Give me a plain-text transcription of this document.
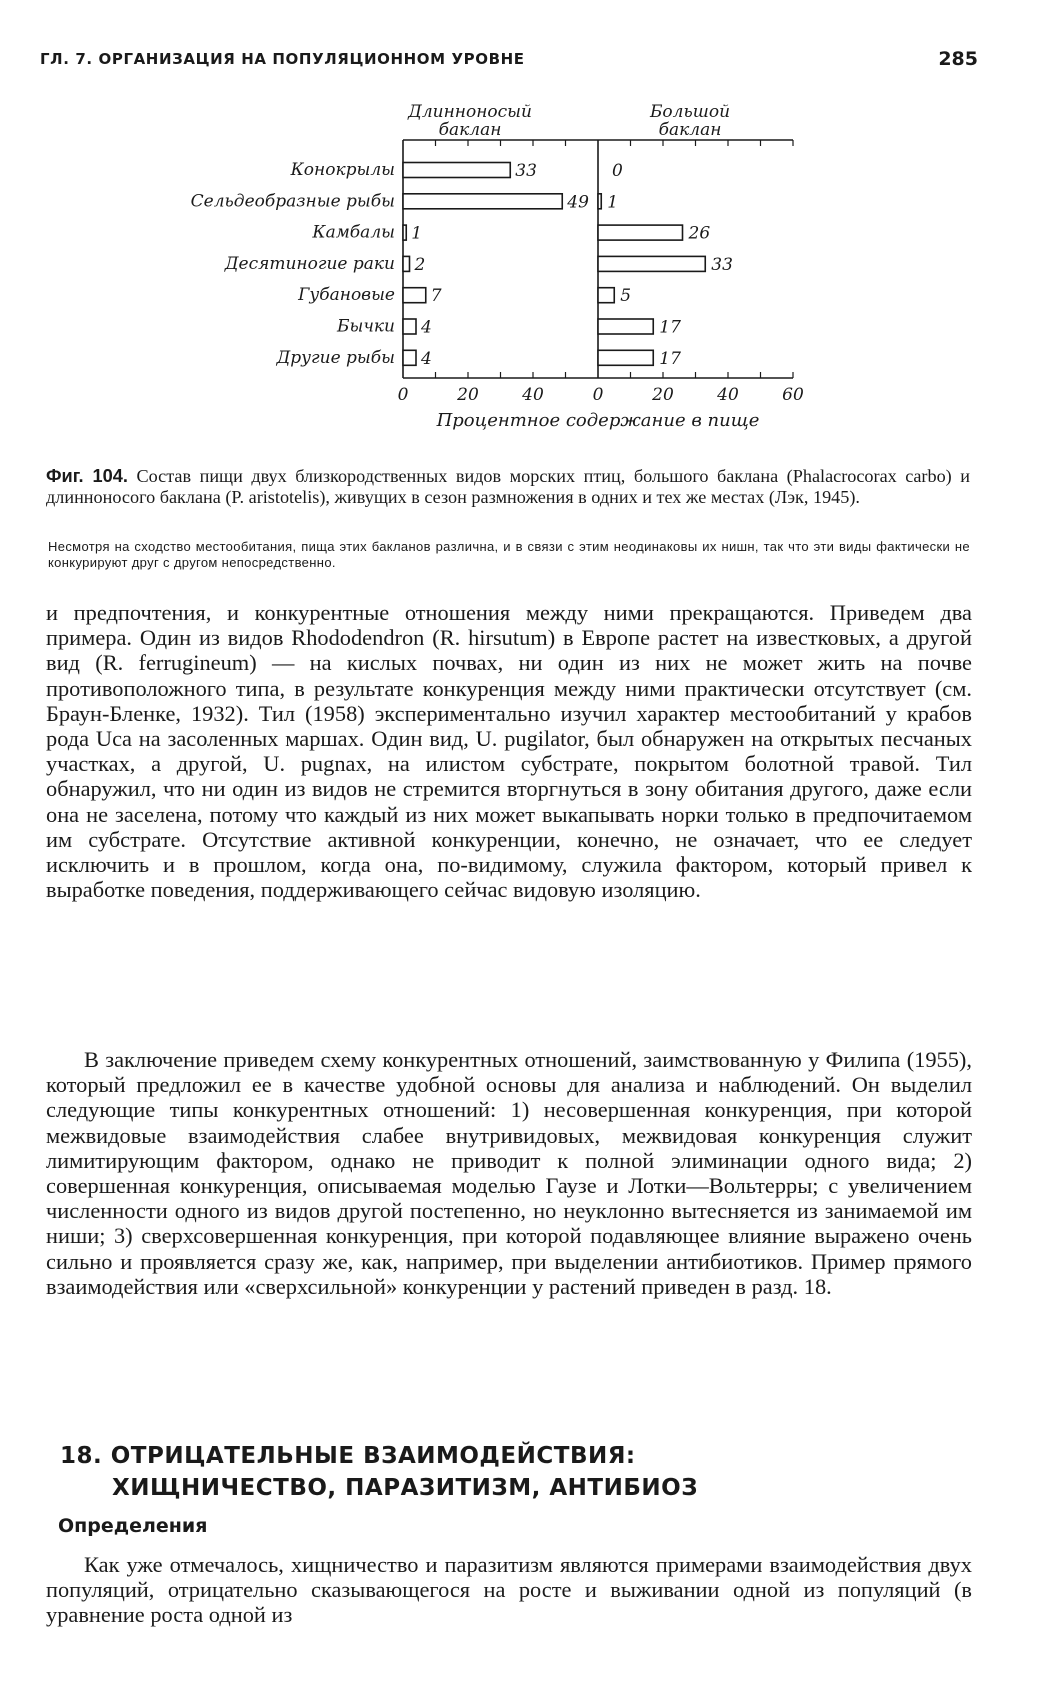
ГЛ. 7. ОРГАНИЗАЦИЯ НА ПОПУЛЯЦИОННОМ УРОВНЕ	285
Длинноносый
баклан
Большой
баклан
Конокрылы	33	0
Сельдеобразные рыбы	49 1
Камбалы 1	26
Десятиногие раки 2	33
Губановые 7	5
Бычки 4	17
Другие рыбы 4	17
0	20	40	0	20	40	60
Процентное содержание в пище
Фиг. 104. Состав пищи двух близкородственных видов морских птиц, большого баклана (Phalacrocorax carbo) и длинноносого баклана (P. aristotelis), живущих в сезон размножения в одних и тех же местах (Лэк, 1945).
Несмотря на сходство местообитания, пища этих бакланов различна, и в связи с этим неодинаковы их нишн, так что эти виды фактически не конкурируют друг с другом непосредственно.
и предпочтения, и конкурентные отношения между ними прекращаются. Приведем два примера. Один из видов Rhododendron (R. hirsutum) в Европе растет на известковых, а другой вид (R. ferrugineum) — на кислых почвах, ни один из них не может жить на почве противоположного типа, в результате конкуренция между ними практически отсутствует (см. Браун-Бленке, 1932). Тил (1958) экспериментально изучил характер местообитаний у крабов рода Uca на засоленных маршах. Один вид, U. pugilator, был обнаружен на открытых песчаных участках, а другой, U. pugnax, на илистом субстрате, покрытом болотной травой. Тил обнаружил, что ни один из видов не стремится вторгнуться в зону обитания другого, даже если она не заселена, потому что каждый из них может выкапывать норки только в предпочитаемом им субстрате. Отсутствие активной конкуренции, конечно, не означает, что ее следует исключить и в прошлом, когда она, по-видимому, служила фактором, который привел к выработке поведения, поддерживающего сейчас видовую изоляцию.
В заключение приведем схему конкурентных отношений, заимствованную у Филипа (1955), который предложил ее в качестве удобной основы для анализа и наблюдений. Он выделил следующие типы конкурентных отношений: 1) несовершенная конкуренция, при которой межвидовые взаимодействия слабее внутривидовых, межвидовая конкуренция служит лимитирующим фактором, однако не приводит к полной элиминации одного вида; 2) совершенная конкуренция, описываемая моделью Гаузе и Лотки—Вольтерры; с увеличением численности одного из видов другой постепенно, но неуклонно вытесняется из занимаемой им ниши; 3) сверхсовершенная конкуренция, при которой подавляющее влияние выражено очень сильно и проявляется сразу же, как, например, при выделении антибиотиков. Пример прямого взаимодействия или «сверхсильной» конкуренции у растений приведен в разд. 18.
18. ОТРИЦАТЕЛЬНЫЕ ВЗАИМОДЕЙСТВИЯ:
ХИЩНИЧЕСТВО, ПАРАЗИТИЗМ, АНТИБИОЗ
Определения
Как уже отмечалось, хищничество и паразитизм являются примерами взаимодействия двух популяций, отрицательно сказывающегося на росте и выживании одной из популяций (в уравнение роста одной из
